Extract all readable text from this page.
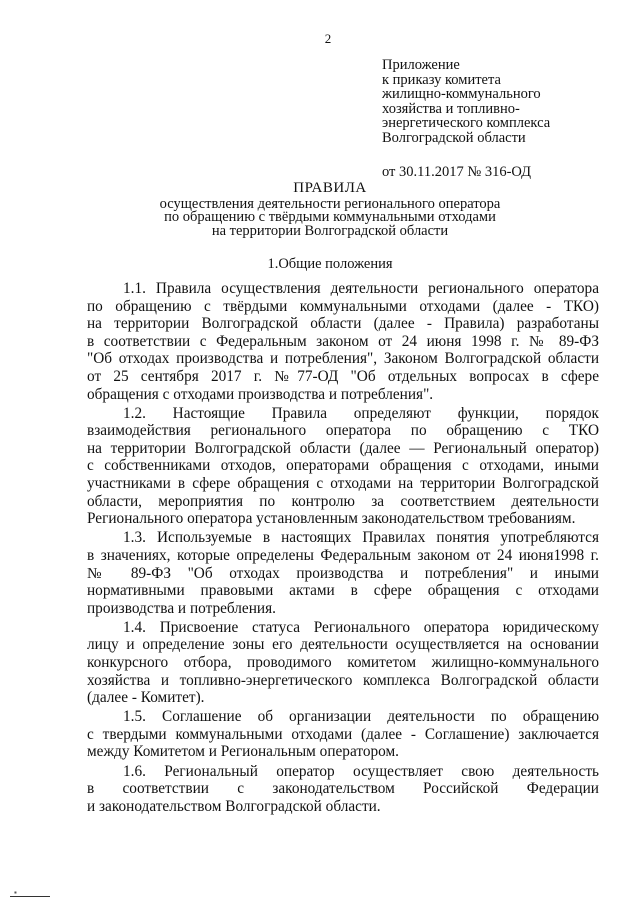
2
Приложение
к приказу комитета
жилищно-коммунального
хозяйства и топливно-
энергетического комплекса
Волгоградской области
от 30.11.2017 № 316-ОД
ПРАВИЛА
осуществления деятельности регионального оператора
по обращению с твёрдыми коммунальными отходами
на территории Волгоградской области
1.Общие положения
1.1. Правила осуществления деятельности регионального оператора
по обращению с твёрдыми коммунальными отходами (далее - ТКО)
на территории Волгоградской области (далее - Правила) разработаны
в соответствии с Федеральным законом от 24 июня 1998 г. № 89-ФЗ
"Об отходах производства и потребления", Законом Волгоградской области
от 25 сентября 2017 г. №77-ОД "Об отдельных вопросах в сфере
обращения с отходами производства и потребления".
1.2. Настоящие Правила определяют функции, порядок
взаимодействия регионального оператора по обращению с ТКО
на территории Волгоградской области (далее — Региональный оператор)
с собственниками отходов, операторами обращения с отходами, иными
участниками в сфере обращения с отходами на территории Волгоградской
области, мероприятия по контролю за соответствием деятельности
Регионального оператора установленным законодательством требованиям.
1.3. Используемые в настоящих Правилах понятия употребляются
в значениях, которые определены Федеральным законом от 24 июня1998 г.
№ 89-ФЗ "Об отходах производства и потребления" и иными
нормативными правовыми актами в сфере обращения с отходами
производства и потребления.
1.4. Присвоение статуса Регионального оператора юридическому
лицу и определение зоны его деятельности осуществляется на основании
конкурсного отбора, проводимого комитетом жилищно-коммунального
хозяйства и топливно-энергетического комплекса Волгоградской области
(далее - Комитет).
1.5. Соглашение об организации деятельности по обращению
с твердыми коммунальными отходами (далее - Соглашение) заключается
между Комитетом и Региональным оператором.
1.6. Региональный оператор осуществляет свою деятельность
в соответствии с законодательством Российской Федерации
и законодательством Волгоградской области.
▪
